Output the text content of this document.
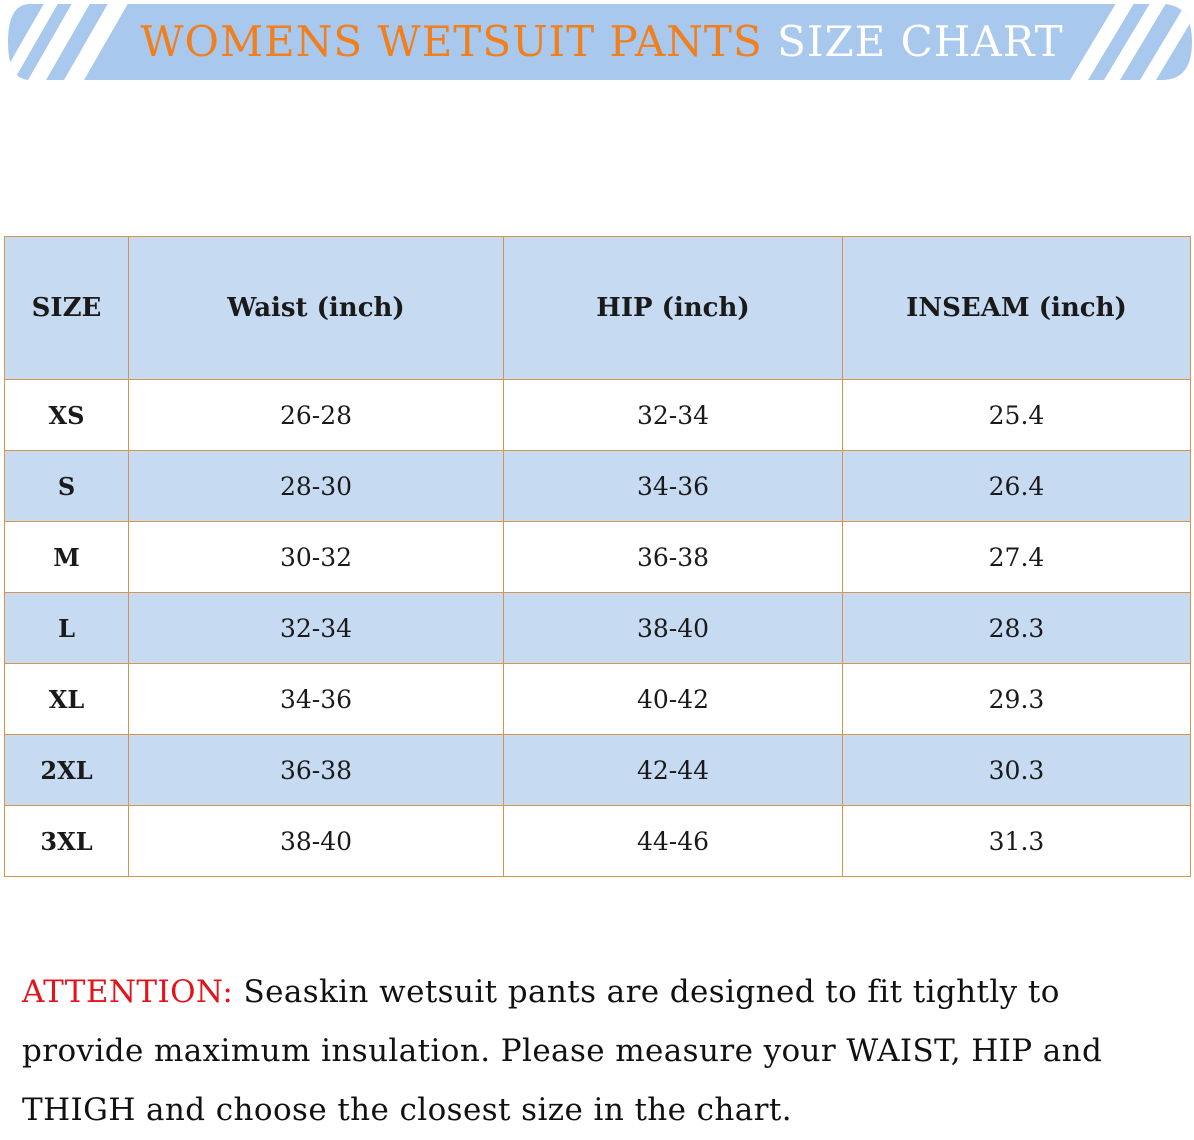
WOMENS WETSUIT PANTS SIZE CHART
SIZE	Waist (inch)	HIP (inch)	INSEAM (inch)
XS	26-28	32-34	25.4
S	28-30	34-36	26.4
M	30-32	36-38	27.4
L	32-34	38-40	28.3
XL	34-36	40-42	29.3
2XL	36-38	42-44	30.3
3XL	38-40	44-46	31.3
ATTENTION: Seaskin wetsuit pants are designed to fit tightly to provide maximum insulation. Please measure your WAIST, HIP and THIGH and choose the closest size in the chart.
